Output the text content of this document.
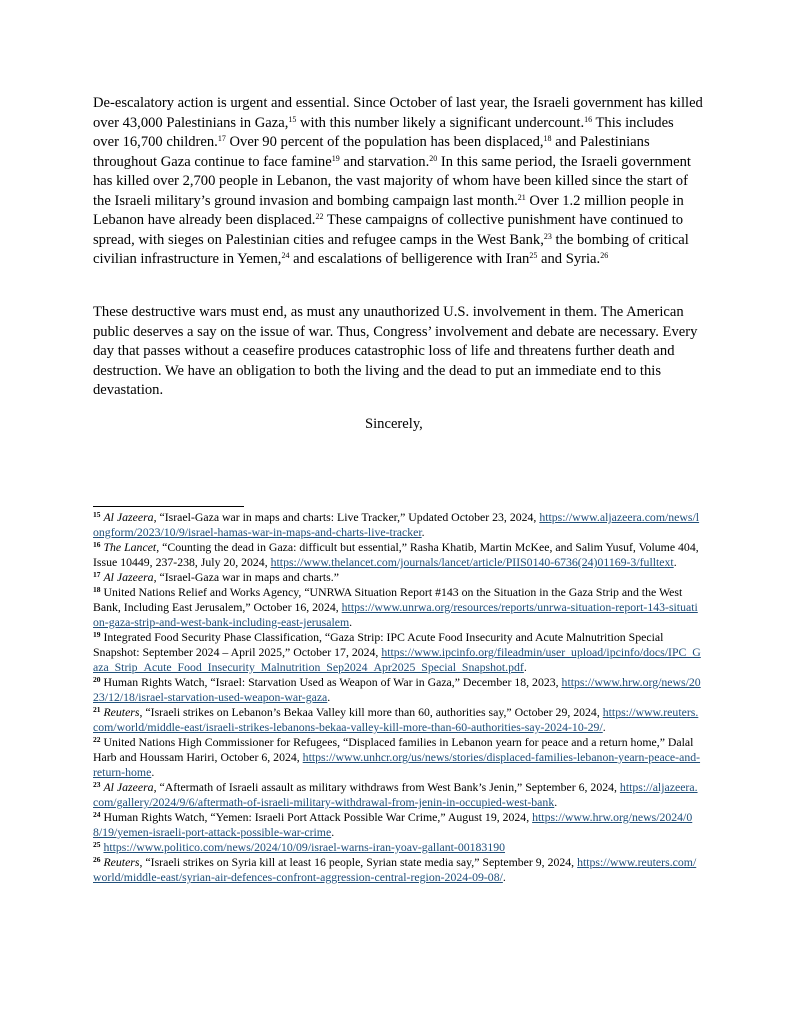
De-escalatory action is urgent and essential. Since October of last year, the Israeli government has killed over 43,000 Palestinians in Gaza,$^{15}$ with this number likely a significant undercount.$^{16}$ This includes over 16,700 children.$^{17}$ Over 90 percent of the population has been displaced,$^{18}$ and Palestinians throughout Gaza continue to face famine$^{19}$ and starvation.$^{20}$ In this same period, the Israeli government has killed over 2,700 people in Lebanon, the vast majority of whom have been killed since the start of the Israeli military’s ground invasion and bombing campaign last month.$^{21}$ Over 1.2 million people in Lebanon have already been displaced.$^{22}$ These campaigns of collective punishment have continued to spread, with sieges on Palestinian cities and refugee camps in the West Bank,$^{23}$ the bombing of critical civilian infrastructure in Yemen,$^{24}$ and escalations of belligerence with Iran$^{25}$ and Syria.$^{26}$

These destructive wars must end, as must any unauthorized U.S. involvement in them. The American public deserves a say on the issue of war. Thus, Congress’ involvement and debate are necessary. Every day that passes without a ceasefire produces catastrophic loss of life and threatens further death and destruction. We have an obligation to both the living and the dead to put an immediate end to this devastation.

Sincerely,

$^{15}$ Al Jazeera, “Israel-Gaza war in maps and charts: Live Tracker,” Updated October 23, 2024, https://www.aljazeera.com/news/longform/2023/10/9/israel-hamas-war-in-maps-and-charts-live-tracker.

$^{16}$ The Lancet, “Counting the dead in Gaza: difficult but essential,” Rasha Khatib, Martin McKee, and Salim Yusuf, Volume 404, Issue 10449, 237-238, July 20, 2024, https://www.thelancet.com/journals/lancet/article/PIIS0140-6736(24)01169-3/fulltext.

$^{17}$ Al Jazeera, “Israel-Gaza war in maps and charts.”

$^{18}$ United Nations Relief and Works Agency, “UNRWA Situation Report #143 on the Situation in the Gaza Strip and the West Bank, Including East Jerusalem,” October 16, 2024, https://www.unrwa.org/resources/reports/unrwa-situation-report-143-situation-gaza-strip-and-west-bank-including-east-jerusalem.

$^{19}$ Integrated Food Security Phase Classification, “Gaza Strip: IPC Acute Food Insecurity and Acute Malnutrition Special Snapshot: September 2024 – April 2025,” October 17, 2024, https://www.ipcinfo.org/fileadmin/user_upload/ipcinfo/docs/IPC_Gaza_Strip_Acute_Food_Insecurity_Malnutrition_Sep2024_Apr2025_Special_Snapshot.pdf.

$^{20}$ Human Rights Watch, “Israel: Starvation Used as Weapon of War in Gaza,” December 18, 2023, https://www.hrw.org/news/2023/12/18/israel-starvation-used-weapon-war-gaza.

$^{21}$ Reuters, “Israeli strikes on Lebanon’s Bekaa Valley kill more than 60, authorities say,” October 29, 2024, https://www.reuters.com/world/middle-east/israeli-strikes-lebanons-bekaa-valley-kill-more-than-60-authorities-say-2024-10-29/.

$^{22}$ United Nations High Commissioner for Refugees, “Displaced families in Lebanon yearn for peace and a return home,” Dalal Harb and Houssam Hariri, October 6, 2024, https://www.unhcr.org/us/news/stories/displaced-families-lebanon-yearn-peace-and-return-home.

$^{23}$ Al Jazeera, “Aftermath of Israeli assault as military withdraws from West Bank’s Jenin,” September 6, 2024, https://aljazeera.com/gallery/2024/9/6/aftermath-of-israeli-military-withdrawal-from-jenin-in-occupied-west-bank.

$^{24}$ Human Rights Watch, “Yemen: Israeli Port Attack Possible War Crime,” August 19, 2024, https://www.hrw.org/news/2024/08/19/yemen-israeli-port-attack-possible-war-crime.

$^{25}$ https://www.politico.com/news/2024/10/09/israel-warns-iran-yoav-gallant-00183190

$^{26}$ Reuters, “Israeli strikes on Syria kill at least 16 people, Syrian state media say,” September 9, 2024, https://www.reuters.com/world/middle-east/syrian-air-defences-confront-aggression-central-region-2024-09-08/.
